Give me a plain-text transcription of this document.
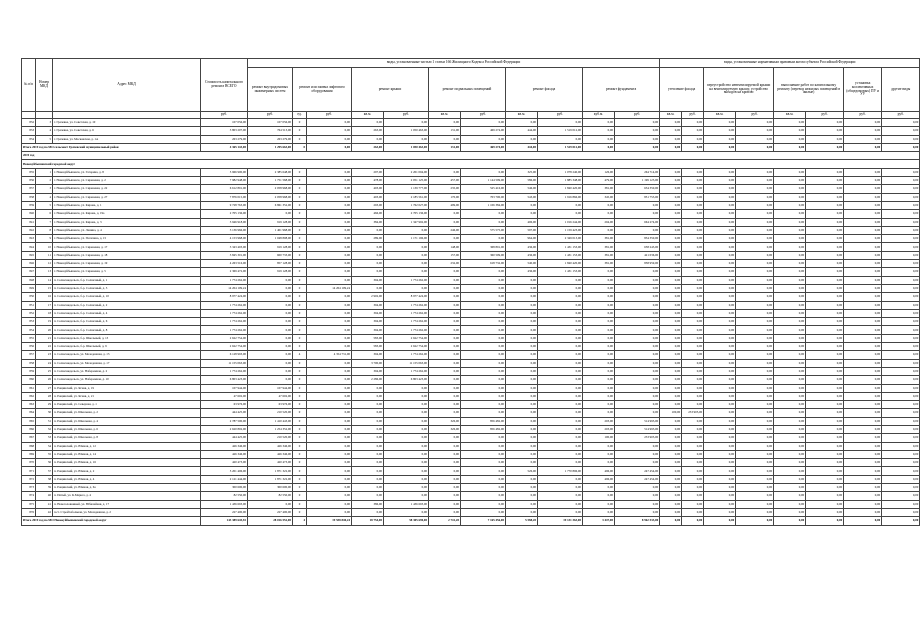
№ п/п	Номер МКД	Адрес МКД	Стоимость капитального ремонта ВСЕГО	виды, установленные частью 1 статьи 166 Жилищного Кодекса Российской Федерации											виды, установленные нормативным правовым актом субъекта Российской Федерации							
				ремонт внутридомовых инженерных систем	ремонт или замена лифтового оборудования		ремонт крыши		ремонт подвальных помещений		ремонт фасада		ремонт фундамента		утепление фасада		переустройство невентилируемой крыши на вентилируемую крышу, устройство выходов на кровлю		выполнение работ по капитальному ремонту (перевод нежилых помещений в жилые)		установка коллективных (общедомовых) ПУ и УУ	другие виды
			руб.	руб.	ед.	руб.	кв.м.	руб.	кв.м.	руб.	кв.м.	руб.	куб.м.	руб.	кв.м.	руб.	кв.м.	руб.	кв.м.	руб.	руб.	руб.
832	3	г. Грачевка, ул. Советская, д. 10	107 056,00	107 056,00	0	0,00	0,00	0,00	0,00	0,00	0,00	0,00	0,00	0,00	0,00	0,00	0,00	0,00	0,00	0,00	0,00	0,00
833	4	г. Грачевка, ул. Советская, д. 6	3 803 207,00	764 513,00	0	0,00	263,00	1 050 463,00	131,00	469 274,00	444,00	1 519 012,00	0,00	0,00	0,00	0,00	0,00	0,00	0,00	0,00	0,00	0,00
834	5	г. Грачевка, ул. Московская, д. 1А	263 279,00	263 279,00	0	0,00	0,00	0,00	0,00	0,00	0,00	0,00	0,00	0,00	0,00	0,00	0,00	0,00	0,00	0,00	0,00	0,00
Итого 2019 год по МО сельсовет Грачевский муниципальный район			4 365 143,00	1 295 663,00	0	0,00	263,00	1 050 463,00	131,00	469 274,00	444,00	1 519 012,00	0,00	0,00	0,00	0,00	0,00	0,00	0,00	0,00	0,00	0,00
2019 год																						
Новокуйбышевский городской округ																						
835	1	г. Новокуйбышевск, ул. Гагарина, д. 8	5 966 900,00	2 385 648,00	0	0,00	297,00	2 201 094,00	0,00	0,00	325,00	1 078 240,00	126,00	264 714,00	0,00	0,00	0,00	0,00	0,00	0,00	0,00	0,00
836	2	г. Новокуйбышевск, ул. Сиреневая, д. 2	7 982 948,00	1 751 568,00	0	0,00	478,00	2 051 125,00	457,00	1 144 599,00	586,00	1 885 348,00	479,00	1 199 123,00	0,00	0,00	0,00	0,00	0,00	0,00	0,00	0,00
837	3	г. Новокуйбышевск, ул. Сиреневая, д. 22	6 612 891,00	2 058 968,00	0	0,00	403,00	1 139 777,00	235,00	525 416,00	546,00	1 840 420,00	381,00	634 350,00	0,00	0,00	0,00	0,00	0,00	0,00	0,00	0,00
838	4	г. Новокуйбышевск, ул. Сиреневая, д. 27	7 876 015,00	2 058 968,00	0	0,00	403,00	2 185 561,00	170,00	703 700,00	543,00	1 916 866,00	345,00	851 753,00	0,00	0,00	0,00	0,00	0,00	0,00	0,00	0,00
839	5	г. Новокуйбышевск, ул. Кирова, д. 1	9 728 763,00	6 861 352,00	0	0,00	293,00	1 762 027,00	499,00	1 106 384,00	0,00	0,00	0,00	0,00	0,00	0,00	0,00	0,00	0,00	0,00	0,00	0,00
840	6	г. Новокуйбышевск, ул. Кирова, д. 19а	2 705 136,00	0,00	0	0,00	466,00	2 705 136,00	0,00	0,00	0,00	0,00	0,00	0,00	0,00	0,00	0,00	0,00	0,00	0,00	0,00	0,00
841	7	г. Новокуйбышевск, ул. Кирова, д. 3	3 946 918,00	919 128,00	0	0,00	384,00	1 347 992,00	0,00	0,00	406,00	1 016 244,00	294,00	664 274,00	0,00	0,00	0,00	0,00	0,00	0,00	0,00	0,00
842	8	г. Новокуйбышевск, ул. Ленина, д. 4	3 136 966,00	1 401 968,00	0	0,00	0,00	0,00	246,00	575 575,00	597,00	1 159 423,00	0,00	0,00	0,00	0,00	0,00	0,00	0,00	0,00	0,00	0,00
843	9	г. Новокуйбышевск, ул. Потехина, д. 15	4 153 968,00	1 048 808,00	0	0,00	289,00	1 171 196,00	0,00	0,00	964,00	2 349 013,00	381,00	834 350,00	0,00	0,00	0,00	0,00	0,00	0,00	0,00	0,00
844	10	г. Новокуйбышевск, ул. Сиреневая, д. 17	3 343 403,00	919 128,00	0	0,00	0,00	0,00	148,00	368 891,00	436,00	1 431 153,00	381,00	658 243,00	0,00	0,00	0,00	0,00	0,00	0,00	0,00	0,00
845	11	г. Новокуйбышевск, ул. Сиреневая, д. 18	3 845 301,00	600 733,00	0	0,00	0,00	0,00	157,00	360 509,00	436,00	1 431 153,00	381,00	421 036,00	0,00	0,00	0,00	0,00	0,00	0,00	0,00	0,00
846	12	г. Новокуйбышевск, ул. Сиреневая, д. 19	4 263 516,00	857 128,00	0	0,00	0,00	0,00	232,00	618 732,00	540,00	1 840 420,00	381,00	858 959,00	0,00	0,00	0,00	0,00	0,00	0,00	0,00	0,00
847	13	г. Новокуйбышевск, ул. Сиреневая, д. 5	2 369 472,00	919 128,00	0	0,00	0,00	0,00	0,00	0,00	436,00	1 431 153,00	0,00	0,00	0,00	0,00	0,00	0,00	0,00	0,00	0,00	0,00
848	14	п. Солнечнодольск, б-р. Солнечный, д. 1	1 774 262,00	0,00	0	0,00	394,00	1 774 262,00	0,00	0,00	0,00	0,00	0,00	0,00	0,00	0,00	0,00	0,00	0,00	0,00	0,00	0,00
849	15	п. Солнечнодольск, б-р. Солнечный, д. 3	14 204 109,24	0,00	0	14 204 109,24	0,00	0,00	0,00	0,00	0,00	0,00	0,00	0,00	0,00	0,00	0,00	0,00	0,00	0,00	0,00	0,00
850	16	п. Солнечнодольск, б-р. Солнечный, д. 10	8 977 424,00	0,00	0	0,00	2 902,00	8 977 424,00	0,00	0,00	0,00	0,00	0,00	0,00	0,00	0,00	0,00	0,00	0,00	0,00	0,00	0,00
851	17	п. Солнечнодольск, б-р. Солнечный, д. 2	1 774 262,00	0,00	0	0,00	394,00	1 774 262,00	0,00	0,00	0,00	0,00	0,00	0,00	0,00	0,00	0,00	0,00	0,00	0,00	0,00	0,00
852	18	п. Солнечнодольск, б-р. Солнечный, д. 4	1 774 262,00	0,00	0	0,00	394,00	1 774 262,00	0,00	0,00	0,00	0,00	0,00	0,00	0,00	0,00	0,00	0,00	0,00	0,00	0,00	0,00
853	19	п. Солнечнодольск, б-р. Солнечный, д. 6	1 774 262,00	0,00	0	0,00	394,00	1 774 262,00	0,00	0,00	0,00	0,00	0,00	0,00	0,00	0,00	0,00	0,00	0,00	0,00	0,00	0,00
854	20	п. Солнечнодольск, б-р. Солнечный, д. 8	1 774 262,00	0,00	0	0,00	394,00	1 774 262,00	0,00	0,00	0,00	0,00	0,00	0,00	0,00	0,00	0,00	0,00	0,00	0,00	0,00	0,00
855	21	п. Солнечнодольск, б-р. Школьный, д. 13	2 622 754,00	0,00	0	0,00	583,00	2 622 754,00	0,00	0,00	0,00	0,00	0,00	0,00	0,00	0,00	0,00	0,00	0,00	0,00	0,00	0,00
856	22	п. Солнечнодольск, б-р. Школьный, д. 9	2 622 754,00	0,00	0	0,00	583,00	2 622 754,00	0,00	0,00	0,00	0,00	0,00	0,00	0,00	0,00	0,00	0,00	0,00	0,00	0,00	0,00
857	23	п. Солнечнодольск, ул. Молодежная, д. 13	6 128 993,00	0,00	4	4 354 731,00	394,00	1 774 262,00	0,00	0,00	0,00	0,00	0,00	0,00	0,00	0,00	0,00	0,00	0,00	0,00	0,00	0,00
858	24	п. Солнечнодольск, ул. Молодежная, д. 17	11 155 063,00	0,00	0	0,00	3 700,00	11 155 063,00	0,00	0,00	0,00	0,00	0,00	0,00	0,00	0,00	0,00	0,00	0,00	0,00	0,00	0,00
859	25	п. Солнечнодольск, ул. Набережная, д. 2	1 774 262,00	0,00	0	0,00	394,00	1 774 262,00	0,00	0,00	0,00	0,00	0,00	0,00	0,00	0,00	0,00	0,00	0,00	0,00	0,00	0,00
860	26	п. Солнечнодольск, ул. Набережная, д. 10	6 803 423,00	0,00	0	0,00	2 286,00	6 803 423,00	0,00	0,00	0,00	0,00	0,00	0,00	0,00	0,00	0,00	0,00	0,00	0,00	0,00	0,00
861	27	п. Рощинский, ул. Ясная, д. 19	107 944,00	107 944,00	0	0,00	0,00	0,00	0,00	0,00	0,00	0,00	0,00	0,00	0,00	0,00	0,00	0,00	0,00	0,00	0,00	0,00
862	28	п. Рощинский, ул. Ясная, д. 21	47 602,00	47 602,00	0	0,00	0,00	0,00	0,00	0,00	0,00	0,00	0,00	0,00	0,00	0,00	0,00	0,00	0,00	0,00	0,00	0,00
863	29	п. Рощинский, ул. Северная, д. 1	63 976,00	63 976,00	0	0,00	0,00	0,00	0,00	0,00	0,00	0,00	0,00	0,00	0,00	0,00	0,00	0,00	0,00	0,00	0,00	0,00
864	30	п. Рощинский, ул. Школьная, д. 2	444 425,00	210 520,00	0	0,00	0,00	0,00	0,00	0,00	0,00	0,00	0,00	0,00	100,00	233 905,00	0,00	0,00	0,00	0,00	0,00	0,00
865	31	п. Рощинский, ул. Школьная, д. 4	2 787 500,00	1 410 443,00	0	0,00	0,00	0,00	326,00	856 482,00	0,00	0,00	203,00	514 993,00	0,00	0,00	0,00	0,00	0,00	0,00	0,00	0,00
866	32	п. Рощинский, ул. Школьная, д. 6	2 620 802,00	1 254 352,00	0	0,00	0,00	0,00	326,00	856 482,00	0,00	0,00	203,00	514 993,00	0,00	0,00	0,00	0,00	0,00	0,00	0,00	0,00
867	33	п. Рощинский, ул. Школьная, д. 8	444 425,00	210 520,00	0	0,00	0,00	0,00	0,00	0,00	0,00	0,00	100,00	233 905,00	0,00	0,00	0,00	0,00	0,00	0,00	0,00	0,00
868	34	п. Рощинский, ул. Южная, д. 12	426 346,00	426 346,00	0	0,00	0,00	0,00	0,00	0,00	0,00	0,00	0,00	0,00	0,00	0,00	0,00	0,00	0,00	0,00	0,00	0,00
869	35	п. Рощинский, ул. Южная, д. 14	426 346,00	426 346,00	0	0,00	0,00	0,00	0,00	0,00	0,00	0,00	0,00	0,00	0,00	0,00	0,00	0,00	0,00	0,00	0,00	0,00
870	36	п. Рощинский, ул. Южная, д. 16	420 473,00	420 473,00	0	0,00	0,00	0,00	0,00	0,00	0,00	0,00	0,00	0,00	0,00	0,00	0,00	0,00	0,00	0,00	0,00	0,00
871	37	п. Рощинский, ул. Южная, д. 2	5 201 406,00	1 871 322,00	0	0,00	0,00	0,00	0,00	0,00	526,00	1 770 896,00	496,00	247 454,00	0,00	0,00	0,00	0,00	0,00	0,00	0,00	0,00
872	38	п. Рощинский, ул. Южная, д. 4	2 121 444,00	1 871 322,00	0	0,00	0,00	0,00	0,00	0,00	0,00	0,00	496,00	247 454,00	0,00	0,00	0,00	0,00	0,00	0,00	0,00	0,00
873	39	п. Рощинский, ул. Южная, д. 6а	300 600,00	300 600,00	0	0,00	0,00	0,00	0,00	0,00	0,00	0,00	0,00	0,00	0,00	0,00	0,00	0,00	0,00	0,00	0,00	0,00
874	40	п. Пятый, ул. К.Маркса, д. 4	82 550,00	82 550,00	0	0,00	0,00	0,00	0,00	0,00	0,00	0,00	0,00	0,00	0,00	0,00	0,00	0,00	0,00	0,00	0,00	0,00
875	41	п. Новоголовкиный, ул. Юбилейная, д. 17	1 436 693,00	0,00	0	0,00	386,00	1 436 693,00	0,00	0,00	0,00	0,00	0,00	0,00	0,00	0,00	0,00	0,00	0,00	0,00	0,00	0,00
876	42	п.ст. Стройтобольная, ул. Молодежная, д. 2	227 400,00	227 400,00	0	0,00	0,00	0,00	0,00	0,00	0,00	0,00	0,00	0,00	0,00	0,00	0,00	0,00	0,00	0,00	0,00	0,00
Итого 2019 год по МО Новокуйбышевский городской округ			143 389 645,92	28 016 552,00	4	19 558 840,24	18 754,00	58 305 690,00	2 741,20	7 165 456,00	5 588,20	19 131 363,00	3 447,00	8 962 533,00	0,00	0,00	0,00	0,00	0,00	0,00	0,00	0,00
